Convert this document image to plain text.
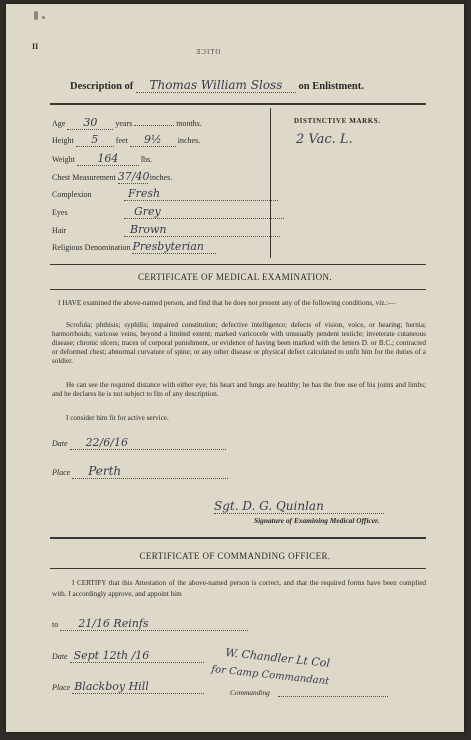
II
ƎƆITO
Description of Thomas William Sloss on Enlistment.
Age 30 years	months.
Height 5 feet 9½ inches.
Weight 164	lbs.
Chest Measurement 37/40 inches.
Complexion	Fresh
Eyes	Grey
Hair	Brown
Religious Denomination Presbyterian
DISTINCTIVE MARKS.
2 Vac. L.
CERTIFICATE OF MEDICAL EXAMINATION.
I HAVE examined the above-named person, and find that he does not present any of the following conditions, viz.:—
Scrofula; phthisis; syphilis; impaired constitution; defective intelligence; defects of vision, voice, or hearing; hernia; hæmorrhoids; varicose veins, beyond a limited extent; marked varicocele with unusually pendent testicle; inveterate cutaneous disease; chronic ulcers; traces of corporal punishment, or evidence of having been marked with the letters D. or B.C.; contracted or deformed chest; abnormal curvature of spine; or any other disease or physical defect calculated to unfit him for the duties of a soldier.
He can see the required distance with either eye; his heart and lungs are healthy; he has the free use of his joints and limbs; and he declares he is not subject to fits of any description.
I consider him fit for active service.
Date 22/6/16
Place Perth
Sgt. D. G. Quinlan
Signature of Examining Medical Officer.
CERTIFICATE OF COMMANDING OFFICER.
I CERTIFY that this Attestation of the above-named person is correct, and that the required forms have been complied with. I accordingly approve, and appoint him
to 21/16 Reinfs
Date Sept 12th /16
Place Blackboy Hill
W. Chandler Lt Col
for Camp Commandant
Commanding
